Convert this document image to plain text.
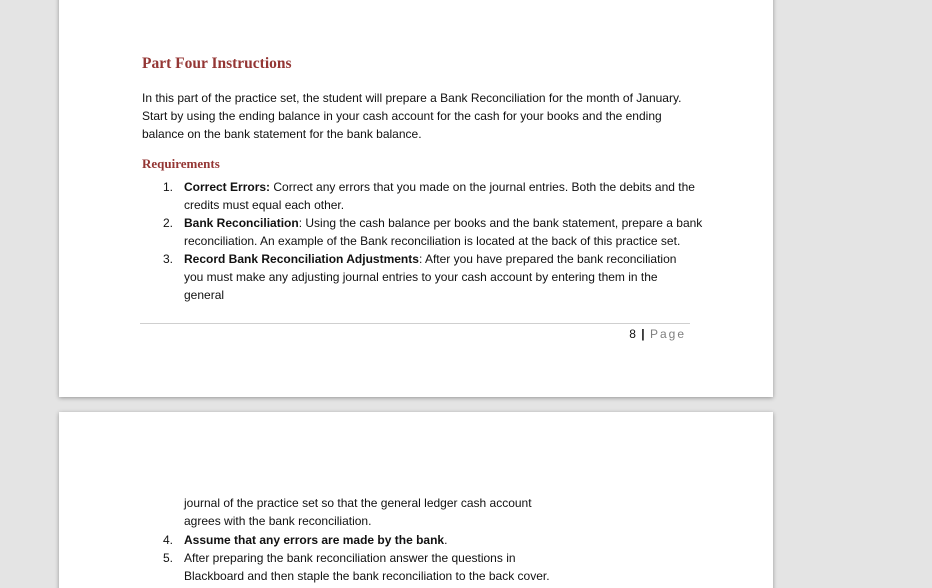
Part Four Instructions

In this part of the practice set, the student will prepare a Bank Reconciliation for the month of January. Start by using the ending balance in your cash account for the cash for your books and the ending balance on the bank statement for the bank balance.

Requirements
1. Correct Errors: Correct any errors that you made on the journal entries. Both the debits and the credits must equal each other.
2. Bank Reconciliation: Using the cash balance per books and the bank statement, prepare a bank reconciliation. An example of the Bank reconciliation is located at the back of this practice set.
3. Record Bank Reconciliation Adjustments: After you have prepared the bank reconciliation you must make any adjusting journal entries to your cash account by entering them in the general
8 | Page
journal of the practice set so that the general ledger cash account agrees with the bank reconciliation.
4. Assume that any errors are made by the bank.
5. After preparing the bank reconciliation answer the questions in Blackboard and then staple the bank reconciliation to the back cover.
